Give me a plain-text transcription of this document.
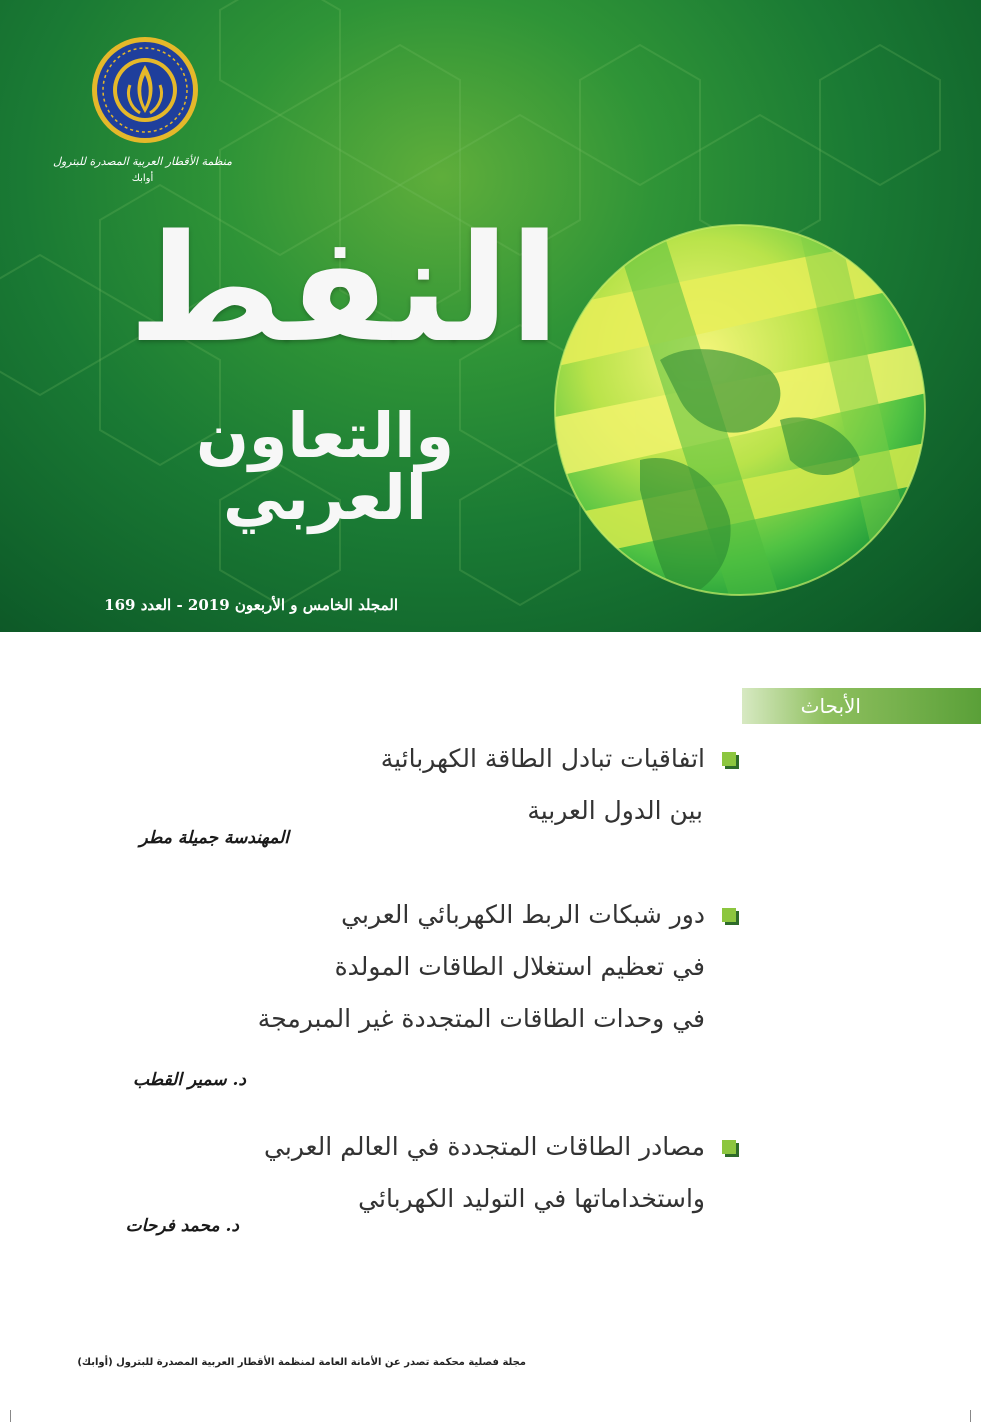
منظمة الأقطار العربية المصدرة للبترول
أوابك
النفط
والتعاون العربي
المجلد الخامس و الأربعون 2019 - العدد 169
الأبحاث
اتفاقيات تبادل الطاقة الكهربائية
بين الدول العربية
المهندسة جميلة مطر
دور شبكات الربط الكهربائي العربي
في تعظيم استغلال الطاقات المولدة
في وحدات الطاقات المتجددة غير المبرمجة
د. سمير القطب
مصادر الطاقات المتجددة في العالم العربي
واستخداماتها في التوليد الكهربائي
د. محمد فرحات
مجلة فصلية محكمة تصدر عن الأمانة العامة لمنظمة الأقطار العربية المصدرة للبترول (أوابك)
